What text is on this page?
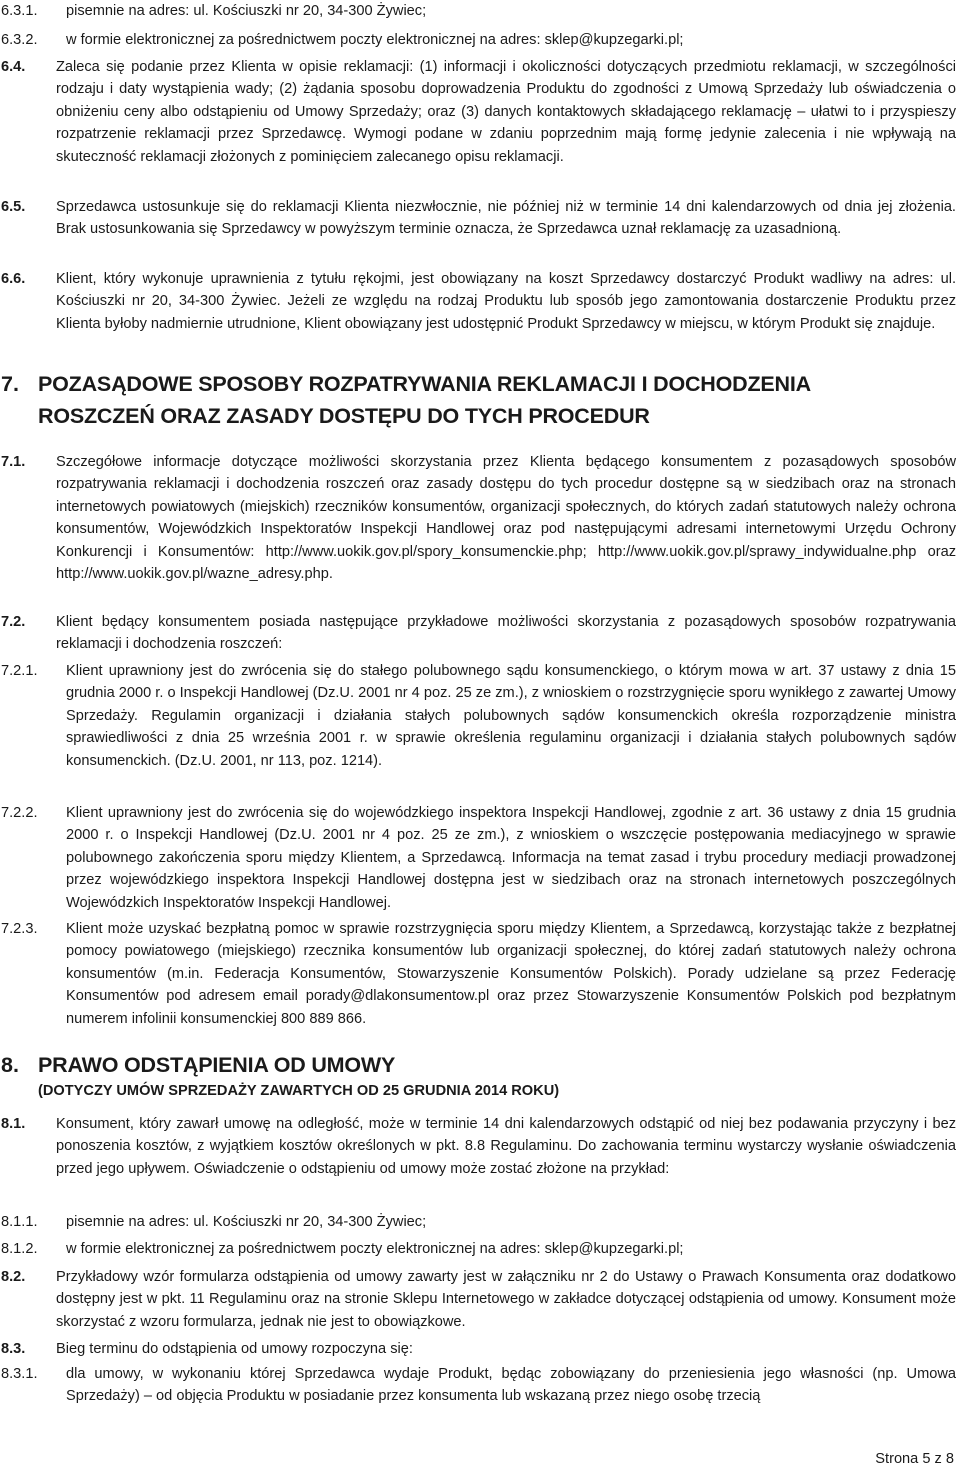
6.3.1. pisemnie na adres: ul. Kościuszki nr 20, 34-300 Żywiec;
6.3.2. w formie elektronicznej za pośrednictwem poczty elektronicznej na adres: sklep@kupzegarki.pl;
6.4. Zaleca się podanie przez Klienta w opisie reklamacji: (1) informacji i okoliczności dotyczących przedmiotu reklamacji, w szczególności rodzaju i daty wystąpienia wady; (2) żądania sposobu doprowadzenia Produktu do zgodności z Umową Sprzedaży lub oświadczenia o obniżeniu ceny albo odstąpieniu od Umowy Sprzedaży; oraz (3) danych kontaktowych składającego reklamację – ułatwi to i przyspieszy rozpatrzenie reklamacji przez Sprzedawcę. Wymogi podane w zdaniu poprzednim mają formę jedynie zalecenia i nie wpływają na skuteczność reklamacji złożonych z pominięciem zalecanego opisu reklamacji.
6.5. Sprzedawca ustosunkuje się do reklamacji Klienta niezwłocznie, nie później niż w terminie 14 dni kalendarzowych od dnia jej złożenia. Brak ustosunkowania się Sprzedawcy w powyższym terminie oznacza, że Sprzedawca uznał reklamację za uzasadnioną.
6.6. Klient, który wykonuje uprawnienia z tytułu rękojmi, jest obowiązany na koszt Sprzedawcy dostarczyć Produkt wadliwy na adres: ul. Kościuszki nr 20, 34-300 Żywiec. Jeżeli ze względu na rodzaj Produktu lub sposób jego zamontowania dostarczenie Produktu przez Klienta byłoby nadmiernie utrudnione, Klient obowiązany jest udostępnić Produkt Sprzedawcy w miejscu, w którym Produkt się znajduje.
7. POZASĄDOWE SPOSOBY ROZPATRYWANIA REKLAMACJI I DOCHODZENIA
ROSZCZEŃ ORAZ ZASADY DOSTĘPU DO TYCH PROCEDUR
7.1. Szczegółowe informacje dotyczące możliwości skorzystania przez Klienta będącego konsumentem z pozasądowych sposobów rozpatrywania reklamacji i dochodzenia roszczeń oraz zasady dostępu do tych procedur dostępne są w siedzibach oraz na stronach internetowych powiatowych (miejskich) rzeczników konsumentów, organizacji społecznych, do których zadań statutowych należy ochrona konsumentów, Wojewódzkich Inspektoratów Inspekcji Handlowej oraz pod następującymi adresami internetowymi Urzędu Ochrony Konkurencji i Konsumentów: http://www.uokik.gov.pl/spory_konsumenckie.php; http://www.uokik.gov.pl/sprawy_indywidualne.php oraz http://www.uokik.gov.pl/wazne_adresy.php.
7.2. Klient będący konsumentem posiada następujące przykładowe możliwości skorzystania z pozasądowych sposobów rozpatrywania reklamacji i dochodzenia roszczeń:
7.2.1. Klient uprawniony jest do zwrócenia się do stałego polubownego sądu konsumenckiego, o którym mowa w art. 37 ustawy z dnia 15 grudnia 2000 r. o Inspekcji Handlowej (Dz.U. 2001 nr 4 poz. 25 ze zm.), z wnioskiem o rozstrzygnięcie sporu wynikłego z zawartej Umowy Sprzedaży. Regulamin organizacji i działania stałych polubownych sądów konsumenckich określa rozporządzenie ministra sprawiedliwości z dnia 25 września 2001 r. w sprawie określenia regulaminu organizacji i działania stałych polubownych sądów konsumenckich. (Dz.U. 2001, nr 113, poz. 1214).
7.2.2. Klient uprawniony jest do zwrócenia się do wojewódzkiego inspektora Inspekcji Handlowej, zgodnie z art. 36 ustawy z dnia 15 grudnia 2000 r. o Inspekcji Handlowej (Dz.U. 2001 nr 4 poz. 25 ze zm.), z wnioskiem o wszczęcie postępowania mediacyjnego w sprawie polubownego zakończenia sporu między Klientem, a Sprzedawcą. Informacja na temat zasad i trybu procedury mediacji prowadzonej przez wojewódzkiego inspektora Inspekcji Handlowej dostępna jest w siedzibach oraz na stronach internetowych poszczególnych Wojewódzkich Inspektoratów Inspekcji Handlowej.
7.2.3. Klient może uzyskać bezpłatną pomoc w sprawie rozstrzygnięcia sporu między Klientem, a Sprzedawcą, korzystając także z bezpłatnej pomocy powiatowego (miejskiego) rzecznika konsumentów lub organizacji społecznej, do której zadań statutowych należy ochrona konsumentów (m.in. Federacja Konsumentów, Stowarzyszenie Konsumentów Polskich). Porady udzielane są przez Federację Konsumentów pod adresem email porady@dlakonsumentow.pl oraz przez Stowarzyszenie Konsumentów Polskich pod bezpłatnym numerem infolinii konsumenckiej 800 889 866.
8. PRAWO ODSTĄPIENIA OD UMOWY
(DOTYCZY UMÓW SPRZEDAŻY ZAWARTYCH OD 25 GRUDNIA 2014 ROKU)
8.1. Konsument, który zawarł umowę na odległość, może w terminie 14 dni kalendarzowych odstąpić od niej bez podawania przyczyny i bez ponoszenia kosztów, z wyjątkiem kosztów określonych w pkt. 8.8 Regulaminu. Do zachowania terminu wystarczy wysłanie oświadczenia przed jego upływem. Oświadczenie o odstąpieniu od umowy może zostać złożone na przykład:
8.1.1. pisemnie na adres: ul. Kościuszki nr 20, 34-300 Żywiec;
8.1.2. w formie elektronicznej za pośrednictwem poczty elektronicznej na adres: sklep@kupzegarki.pl;
8.2. Przykładowy wzór formularza odstąpienia od umowy zawarty jest w załączniku nr 2 do Ustawy o Prawach Konsumenta oraz dodatkowo dostępny jest w pkt. 11 Regulaminu oraz na stronie Sklepu Internetowego w zakładce dotyczącej odstąpienia od umowy. Konsument może skorzystać z wzoru formularza, jednak nie jest to obowiązkowe.
8.3. Bieg terminu do odstąpienia od umowy rozpoczyna się:
8.3.1. dla umowy, w wykonaniu której Sprzedawca wydaje Produkt, będąc zobowiązany do przeniesienia jego własności (np. Umowa Sprzedaży) – od objęcia Produktu w posiadanie przez konsumenta lub wskazaną przez niego osobę trzecią
Strona 5 z 8
